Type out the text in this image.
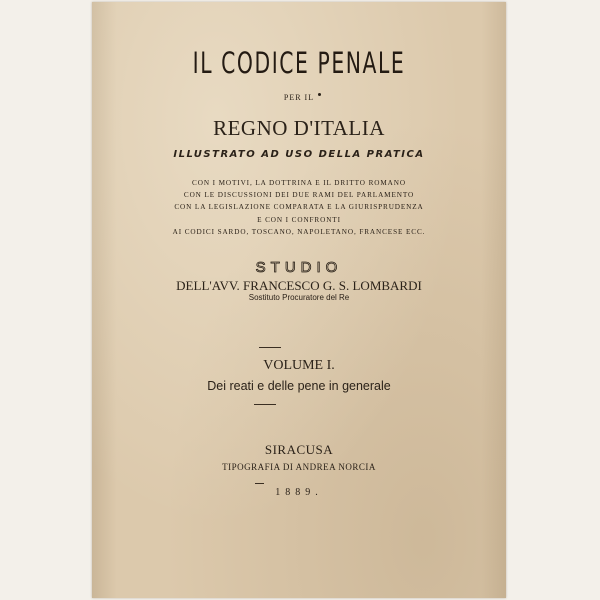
IL CODICE PENALE

PER IL

REGNO D'ITALIA

ILLUSTRATO AD USO DELLA PRATICA

CON I MOTIVI, LA DOTTRINA E IL DRITTO ROMANO

CON LE DISCUSSIONI DEI DUE RAMI DEL PARLAMENTO

CON LA LEGISLAZIONE COMPARATA E LA GIURISPRUDENZA

E CON I CONFRONTI

AI CODICI SARDO, TOSCANO, NAPOLETANO, FRANCESE ECC.

STUDIO

DELL'AVV. FRANCESCO G. S. LOMBARDI

Sostituto Procuratore del Re

VOLUME I.

Dei reati e delle pene in generale

SIRACUSA

TIPOGRAFIA DI ANDREA NORCIA

1889.
